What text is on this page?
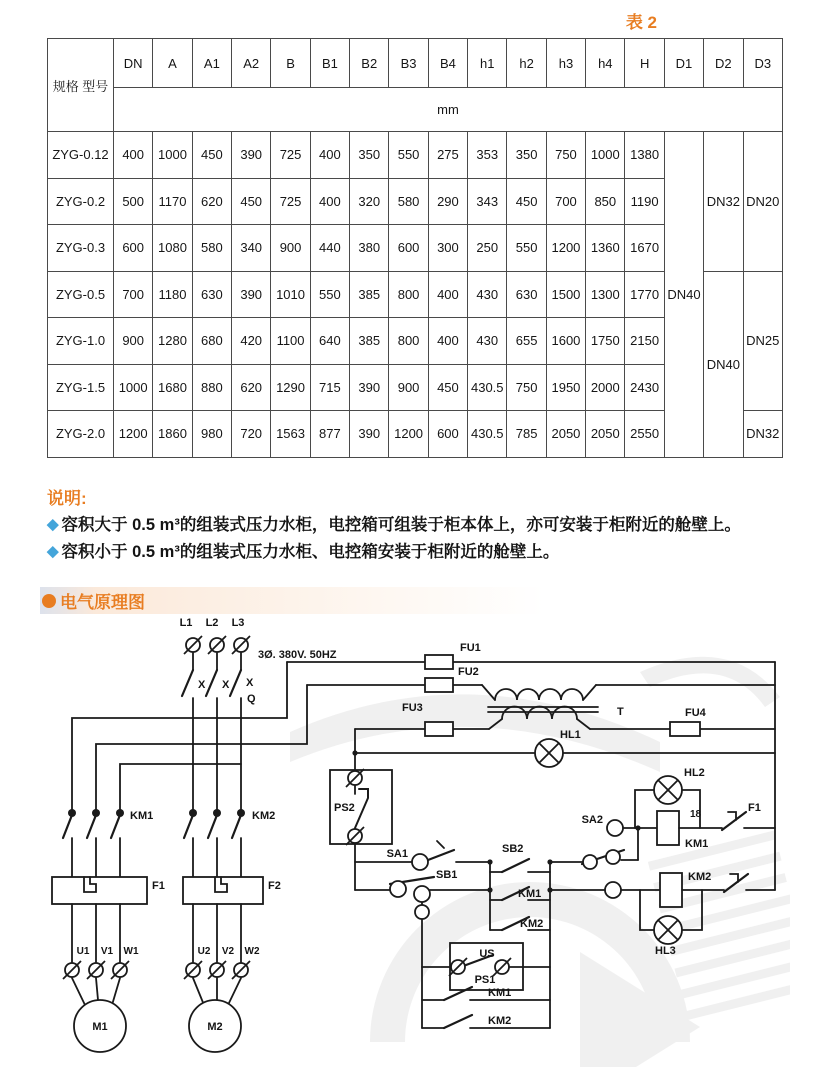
表 2
规格 型号	DN	A	A1	A2	B	B1	B2	B3	B4	h1	h2	h3	h4	H	D1	D2	D3
	mm																
ZYG-0.12	400	1000	450	390	725	400	350	550	275	353	350	750	1000	1380	DN40	DN32	DN20
ZYG-0.2	500	1170	620	450	725	400	320	580	290	343	450	700	850	1190			
ZYG-0.3	600	1080	580	340	900	440	380	600	300	250	550	1200	1360	1670			
ZYG-0.5	700	1180	630	390	1010	550	385	800	400	430	630	1500	1300	1770		DN40	DN25
ZYG-1.0	900	1280	680	420	1100	640	385	800	400	430	655	1600	1750	2150			
ZYG-1.5	1000	1680	880	620	1290	715	390	900	450	430.5	750	1950	2000	2430			
ZYG-2.0	1200	1860	980	720	1563	877	390	1200	600	430.5	785	2050	2050	2550			DN32

说明:

◆ 容积大于 0.5 m³的组装式压力水柜，电控箱可组装于柜本体上，亦可安装于柜附近的舱壁上。
◆ 容积小于 0.5 m³的组装式压力水柜、电控箱安装于柜附近的舱壁上。
电气原理图
L1 L2 L3
3Ø. 380V. 50HZ
X X X
Q
KM1	KM2
F1	F2
U1 V1 W1	U2 V2 W2
M1	M2
FU1
FU2
FU3	FU4
T
HL1
HL2
HL3
PS2
SA1
SB1
SB2
KM1
KM2
SA2
KM1
18
F1
KM2
US
PS1
KM1
KM2
